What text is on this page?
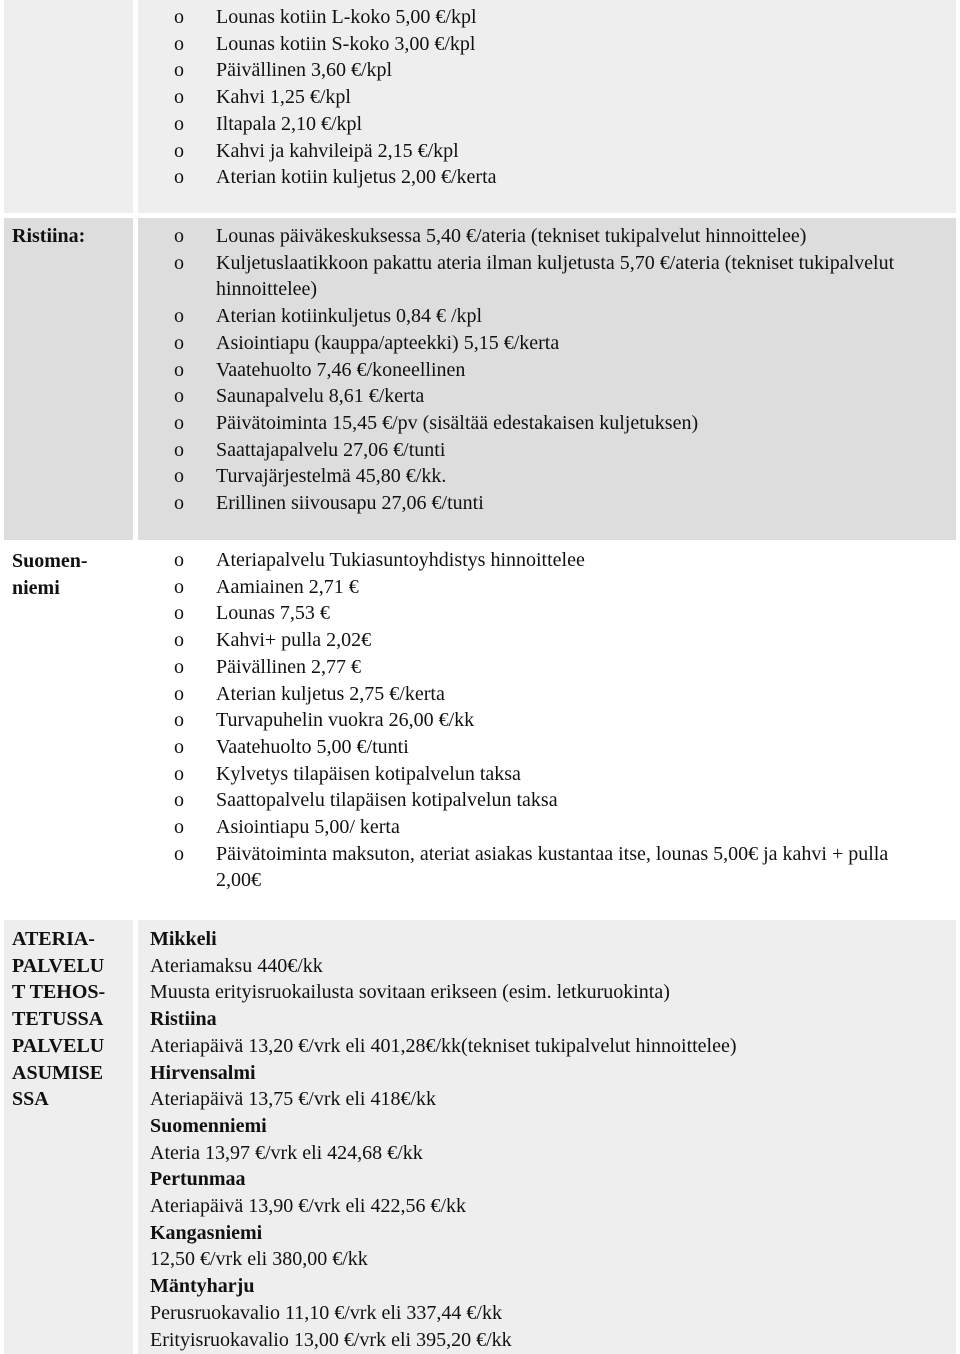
o Lounas kotiin L-koko 5,00 €/kpl
o Lounas kotiin S-koko 3,00 €/kpl
o Päivällinen 3,60 €/kpl
o Kahvi 1,25 €/kpl
o Iltapala 2,10 €/kpl
o Kahvi ja kahvileipä 2,15 €/kpl
o Aterian kotiin kuljetus 2,00 €/kerta
Ristiina:	o Lounas päiväkeskuksessa 5,40 €/ateria (tekniset tukipalvelut hinnoittelee)
o Kuljetuslaatikkoon pakattu ateria ilman kuljetusta 5,70 €/ateria (tekniset tukipalvelut hinnoittelee)
o Aterian kotiinkuljetus 0,84 € /kpl
o Asiointiapu (kauppa/apteekki) 5,15 €/kerta
o Vaatehuolto 7,46 €/koneellinen
o Saunapalvelu 8,61 €/kerta
o Päivätoiminta 15,45 €/pv (sisältää edestakaisen kuljetuksen)
o Saattajapalvelu 27,06 €/tunti
o Turvajärjestelmä 45,80 €/kk.
o Erillinen siivousapu 27,06 €/tunti
Suomen-
niemi
o Ateriapalvelu Tukiasuntoyhdistys hinnoittelee
o Aamiainen 2,71 €
o Lounas 7,53 €
o Kahvi+ pulla 2,02€
o Päivällinen 2,77 €
o Aterian kuljetus 2,75 €/kerta
o Turvapuhelin vuokra 26,00 €/kk
o Vaatehuolto 5,00 €/tunti
o Kylvetys tilapäisen kotipalvelun taksa
o Saattopalvelu tilapäisen kotipalvelun taksa
o Asiointiapu 5,00/ kerta
o Päivätoiminta maksuton, ateriat asiakas kustantaa itse, lounas 5,00€ ja kahvi + pulla 2,00€
ATERIA-
PALVELU
T TEHOS-
TETUSSA
PALVELU
ASUMISE
SSA
Mikkeli
Ateriamaksu 440€/kk
Muusta erityisruokailusta sovitaan erikseen (esim. letkuruokinta)
Ristiina
Ateriapäivä 13,20 €/vrk eli 401,28€/kk(tekniset tukipalvelut hinnoittelee)
Hirvensalmi
Ateriapäivä 13,75 €/vrk eli 418€/kk
Suomenniemi
Ateria 13,97 €/vrk eli 424,68 €/kk
Pertunmaa
Ateriapäivä 13,90 €/vrk eli 422,56 €/kk
Kangasniemi
12,50 €/vrk eli 380,00 €/kk
Mäntyharju
Perusruokavalio 11,10 €/vrk eli 337,44 €/kk
Erityisruokavalio 13,00 €/vrk eli 395,20 €/kk
